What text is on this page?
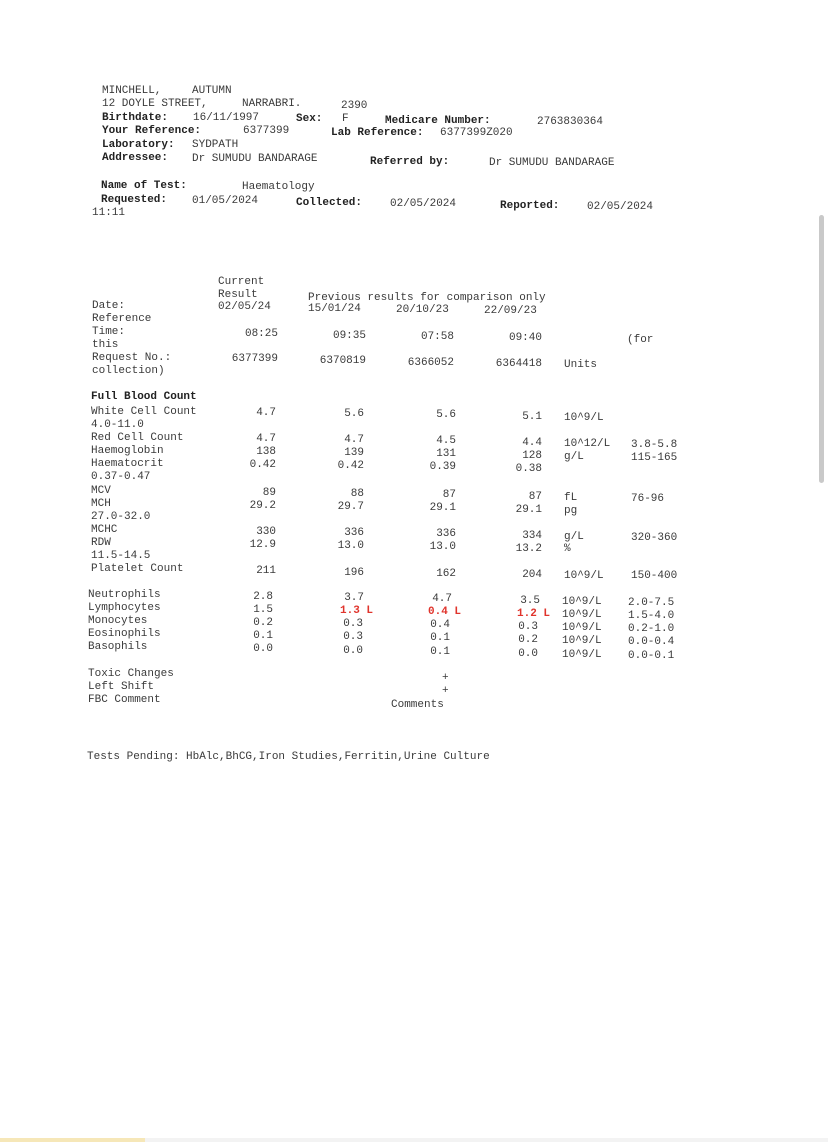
MINCHELL,	AUTUMN
12 DOYLE STREET,	NARRABRI.	2390
Birthdate: 16/11/1997	Sex: F	Medicare Number:	2763830364
Your Reference:	6377399	Lab Reference: 6377399Z020
Laboratory: SYDPATH
Addressee: Dr SUMUDU BANDARAGE	Referred by:	Dr SUMUDU BANDARAGE
Name of Test:	Haematology
Requested: 01/05/2024	Collected:	02/05/2024	Reported:	02/05/2024
11:11
Current
Result	Previous results for comparison only
Date:	02/05/24	15/01/24	20/10/23	22/09/23
Reference
Time:	08:25	09:35	07:58	09:40	(for
this
Request No.:	6377399	6370819	6366052	6364418 Units
collection)
Full Blood Count
White Cell Count	4.7	5.6	5.6	5.1 10^9/L
4.0-11.0
Red Cell Count	4.7	4.7	4.5	4.4 10^12/L 3.8-5.8
Haemoglobin	138	139	131	128 g/L	115-165
Haematocrit	0.42	0.42	0.39	0.38
0.37-0.47
MCV	89	88	87	87 fL	76-96
MCH	29.2	29.7	29.1	29.1 pg
27.0-32.0
MCHC	330	336	336	334 g/L	320-360
RDW	12.9	13.0	13.0	13.2 %
11.5-14.5
Platelet Count	211	196	162	204 10^9/L 150-400
Neutrophils	2.8	3.7	4.7	3.5 10^9/L 2.0-7.5
Lymphocytes	1.5	1.3 L	0.4 L	1.2 L 10^9/L 1.5-4.0
Monocytes	0.2	0.3	0.4	0.3 10^9/L 0.2-1.0
Eosinophils	0.1	0.3	0.1	0.2 10^9/L 0.0-0.4
Basophils	0.0	0.0	0.1	0.0 10^9/L 0.0-0.1
Toxic Changes	+
Left Shift	+
FBC Comment	Comments
Tests Pending: HbAlc,BhCG,Iron Studies,Ferritin,Urine Culture
